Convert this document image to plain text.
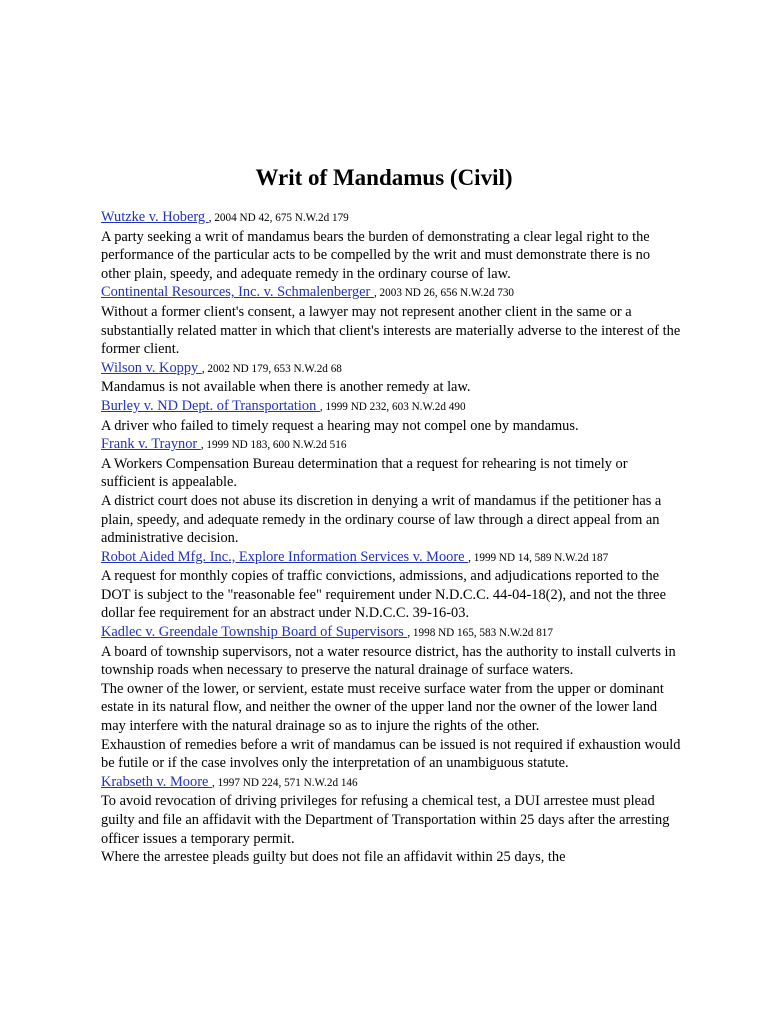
Writ of Mandamus (Civil)
Wutzke v. Hoberg , 2004 ND 42, 675 N.W.2d 179

A party seeking a writ of mandamus bears the burden of demonstrating a clear legal right to the performance of the particular acts to be compelled by the writ and must demonstrate there is no other plain, speedy, and adequate remedy in the ordinary course of law.

Continental Resources, Inc. v. Schmalenberger , 2003 ND 26, 656 N.W.2d 730

Without a former client's consent, a lawyer may not represent another client in the same or a substantially related matter in which that client's interests are materially adverse to the interest of the former client.

Wilson v. Koppy , 2002 ND 179, 653 N.W.2d 68

Mandamus is not available when there is another remedy at law.

Burley v. ND Dept. of Transportation , 1999 ND 232, 603 N.W.2d 490

A driver who failed to timely request a hearing may not compel one by mandamus.

Frank v. Traynor , 1999 ND 183, 600 N.W.2d 516

A Workers Compensation Bureau determination that a request for rehearing is not timely or sufficient is appealable.

A district court does not abuse its discretion in denying a writ of mandamus if the petitioner has a plain, speedy, and adequate remedy in the ordinary course of law through a direct appeal from an administrative decision.

Robot Aided Mfg. Inc., Explore Information Services v. Moore , 1999 ND 14, 589 N.W.2d 187

A request for monthly copies of traffic convictions, admissions, and adjudications reported to the DOT is subject to the "reasonable fee" requirement under N.D.C.C. 44-04-18(2), and not the three dollar fee requirement for an abstract under N.D.C.C. 39-16-03.

Kadlec v. Greendale Township Board of Supervisors , 1998 ND 165, 583 N.W.2d 817

A board of township supervisors, not a water resource district, has the authority to install culverts in township roads when necessary to preserve the natural drainage of surface waters.

The owner of the lower, or servient, estate must receive surface water from the upper or dominant estate in its natural flow, and neither the owner of the upper land nor the owner of the lower land may interfere with the natural drainage so as to injure the rights of the other.

Exhaustion of remedies before a writ of mandamus can be issued is not required if exhaustion would be futile or if the case involves only the interpretation of an unambiguous statute.

Krabseth v. Moore , 1997 ND 224, 571 N.W.2d 146

To avoid revocation of driving privileges for refusing a chemical test, a DUI arrestee must plead guilty and file an affidavit with the Department of Transportation within 25 days after the arresting officer issues a temporary permit.

Where the arrestee pleads guilty but does not file an affidavit within 25 days, the
